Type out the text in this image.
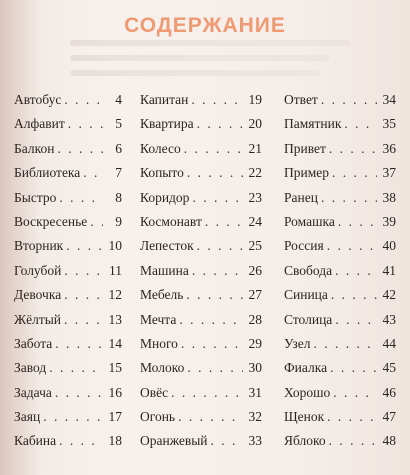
СОДЕРЖАНИЕ
Автобус . . .	4
Алфавит . . .	5
Балкон . . .	6
Библиотека . . .	7
Быстро . . .	8
Воскресенье . . .	9
Вторник . . .	10
Голубой . . .	11
Девочка . . .	12
Жёлтый . . .	13
Забота . . .	14
Завод . . .	15
Задача . . .	16
Заяц . . .	17
Кабина . . .	18
Капитан . . .	19
Квартира . . .	20
Колесо . . .	21
Копыто . . .	22
Коридор . . .	23
Космонавт . . .	24
Лепесток . . .	25
Машина . . .	26
Мебель . . .	27
Мечта . . .	28
Много . . .	29
Молоко . . .	30
Овёс . . .	31
Огонь . . .	32
Оранжевый . . .	33
Ответ . . .	34
Памятник . . .	35
Привет . . .	36
Пример . . .	37
Ранец . . .	38
Ромашка . . .	39
Россия . . .	40
Свобода . . .	41
Синица . . .	42
Столица . . .	43
Узел . . .	44
Фиалка . . .	45
Хорошо . . .	46
Щенок . . .	47
Яблоко . . .	48
